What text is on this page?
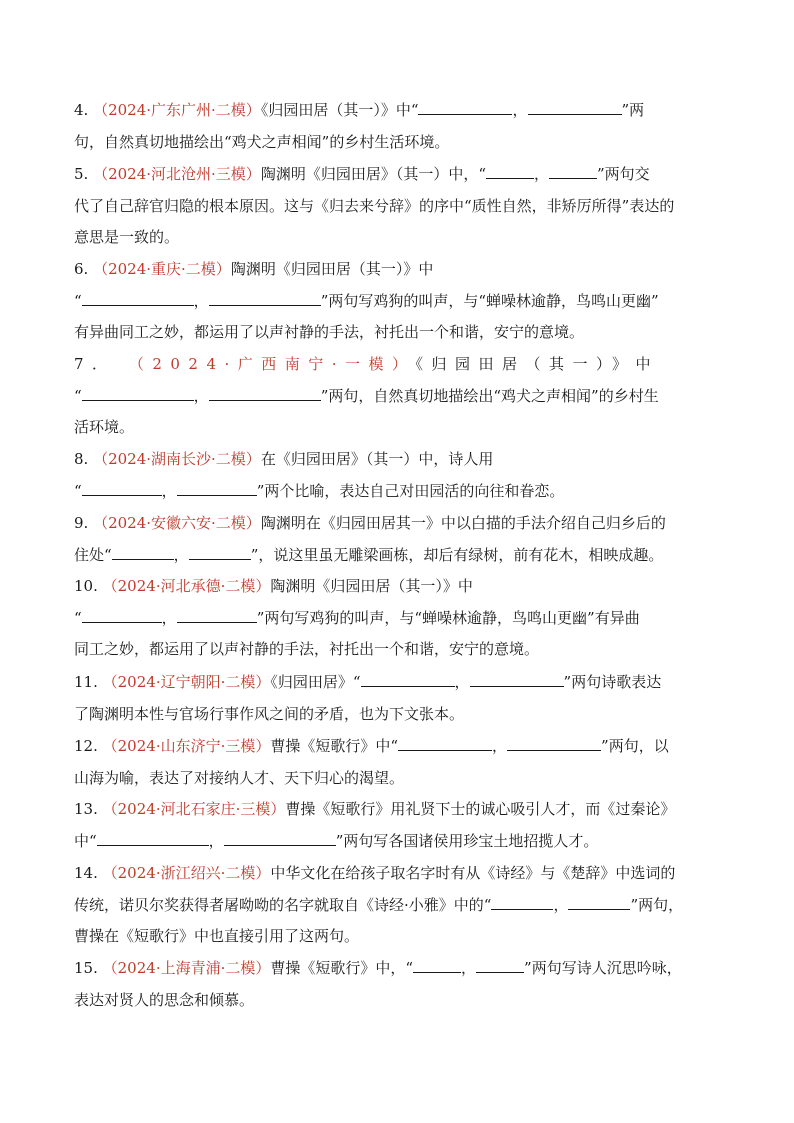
4. （2024·广东广州·二模）《归园田居（其一）》中“	，	”两
句，自然真切地描绘出“鸡犬之声相闻”的乡村生活环境。
5. （2024·河北沧州·三模）陶渊明《归园田居》（其一）中，“	，	”两句交
代了自己辞官归隐的根本原因。这与《归去来兮辞》的序中“质性自然，非矫厉所得”表达的
意思是一致的。
6. （2024·重庆·二模）陶渊明《归园田居（其一）》中
“	，	”两句写鸡狗的叫声，与“蝉噪林逾静，鸟鸣山更幽”
有异曲同工之妙，都运用了以声衬静的手法，衬托出一个和谐，安宁的意境。
7． （2024·广西南宁·一模）《归园田居（其一）》中
“	，	”两句，自然真切地描绘出“鸡犬之声相闻”的乡村生
活环境。
8. （2024·湖南长沙·二模）在《归园田居》（其一）中，诗人用
“	，	”两个比喻，表达自己对田园活的向往和眷恋。
9. （2024·安徽六安·二模）陶渊明在《归园田居其一》中以白描的手法介绍自己归乡后的
住处“	，	”，说这里虽无雕梁画栋，却后有绿树，前有花木，相映成趣。
10. （2024·河北承德·二模）陶渊明《归园田居（其一）》中
“	，	”两句写鸡狗的叫声，与“蝉噪林逾静，鸟鸣山更幽”有异曲
同工之妙，都运用了以声衬静的手法，衬托出一个和谐，安宁的意境。
11. （2024·辽宁朝阳·二模）《归园田居》“	，	”两句诗歌表达
了陶渊明本性与官场行事作风之间的矛盾，也为下文张本。
12. （2024·山东济宁·三模）曹操《短歌行》中“	，	”两句，以
山海为喻，表达了对接纳人才、天下归心的渴望。
13. （2024·河北石家庄·三模）曹操《短歌行》用礼贤下士的诚心吸引人才，而《过秦论》
中“	，	”两句写各国诸侯用珍宝土地招揽人才。
14. （2024·浙江绍兴·二模）中华文化在给孩子取名字时有从《诗经》与《楚辞》中选词的
传统，诺贝尔奖获得者屠呦呦的名字就取自《诗经·小雅》中的“	，	”两句，
曹操在《短歌行》中也直接引用了这两句。
15. （2024·上海青浦·二模）曹操《短歌行》中，“	，	”两句写诗人沉思吟咏，
表达对贤人的思念和倾慕。
